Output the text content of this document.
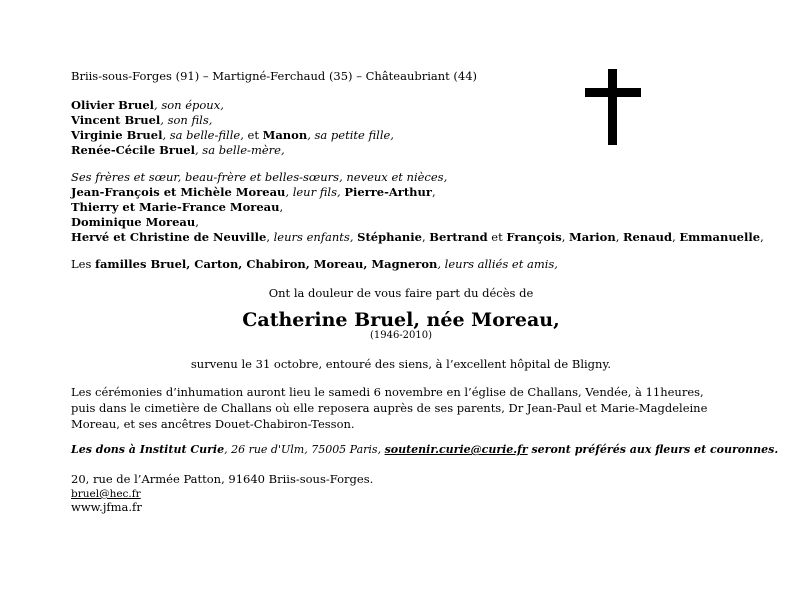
Briis-sous-Forges (91) – Martigné-Ferchaud (35) – Châteaubriant (44)
Olivier Bruel, son époux,
Vincent Bruel, son fils,
Virginie Bruel, sa belle-fille, et Manon, sa petite fille,
Renée-Cécile Bruel, sa belle-mère,
Ses frères et sœur, beau-frère et belles-sœurs, neveux et nièces,
Jean-François et Michèle Moreau, leur fils, Pierre-Arthur,
Thierry et Marie-France Moreau,
Dominique Moreau,
Hervé et Christine de Neuville, leurs enfants, Stéphanie, Bertrand et François, Marion, Renaud, Emmanuelle,
Les familles Bruel, Carton, Chabiron, Moreau, Magneron, leurs alliés et amis,
Ont la douleur de vous faire part du décès de
Catherine Bruel, née Moreau,
(1946-2010)
survenu le 31 octobre, entouré des siens, à l’excellent hôpital de Bligny.
Les cérémonies d’inhumation auront lieu le samedi 6 novembre en l’église de Challans, Vendée, à 11heures, puis dans le cimetière de Challans où elle reposera auprès de ses parents, Dr Jean-Paul et Marie-Magdeleine Moreau, et ses ancêtres Douet-Chabiron-Tesson.
Les dons à Institut Curie, 26 rue d'Ulm, 75005 Paris, soutenir.curie@curie.fr seront préférés aux fleurs et couronnes.
20, rue de l’Armée Patton, 91640 Briis-sous-Forges.
bruel@hec.fr
www.jfma.fr
